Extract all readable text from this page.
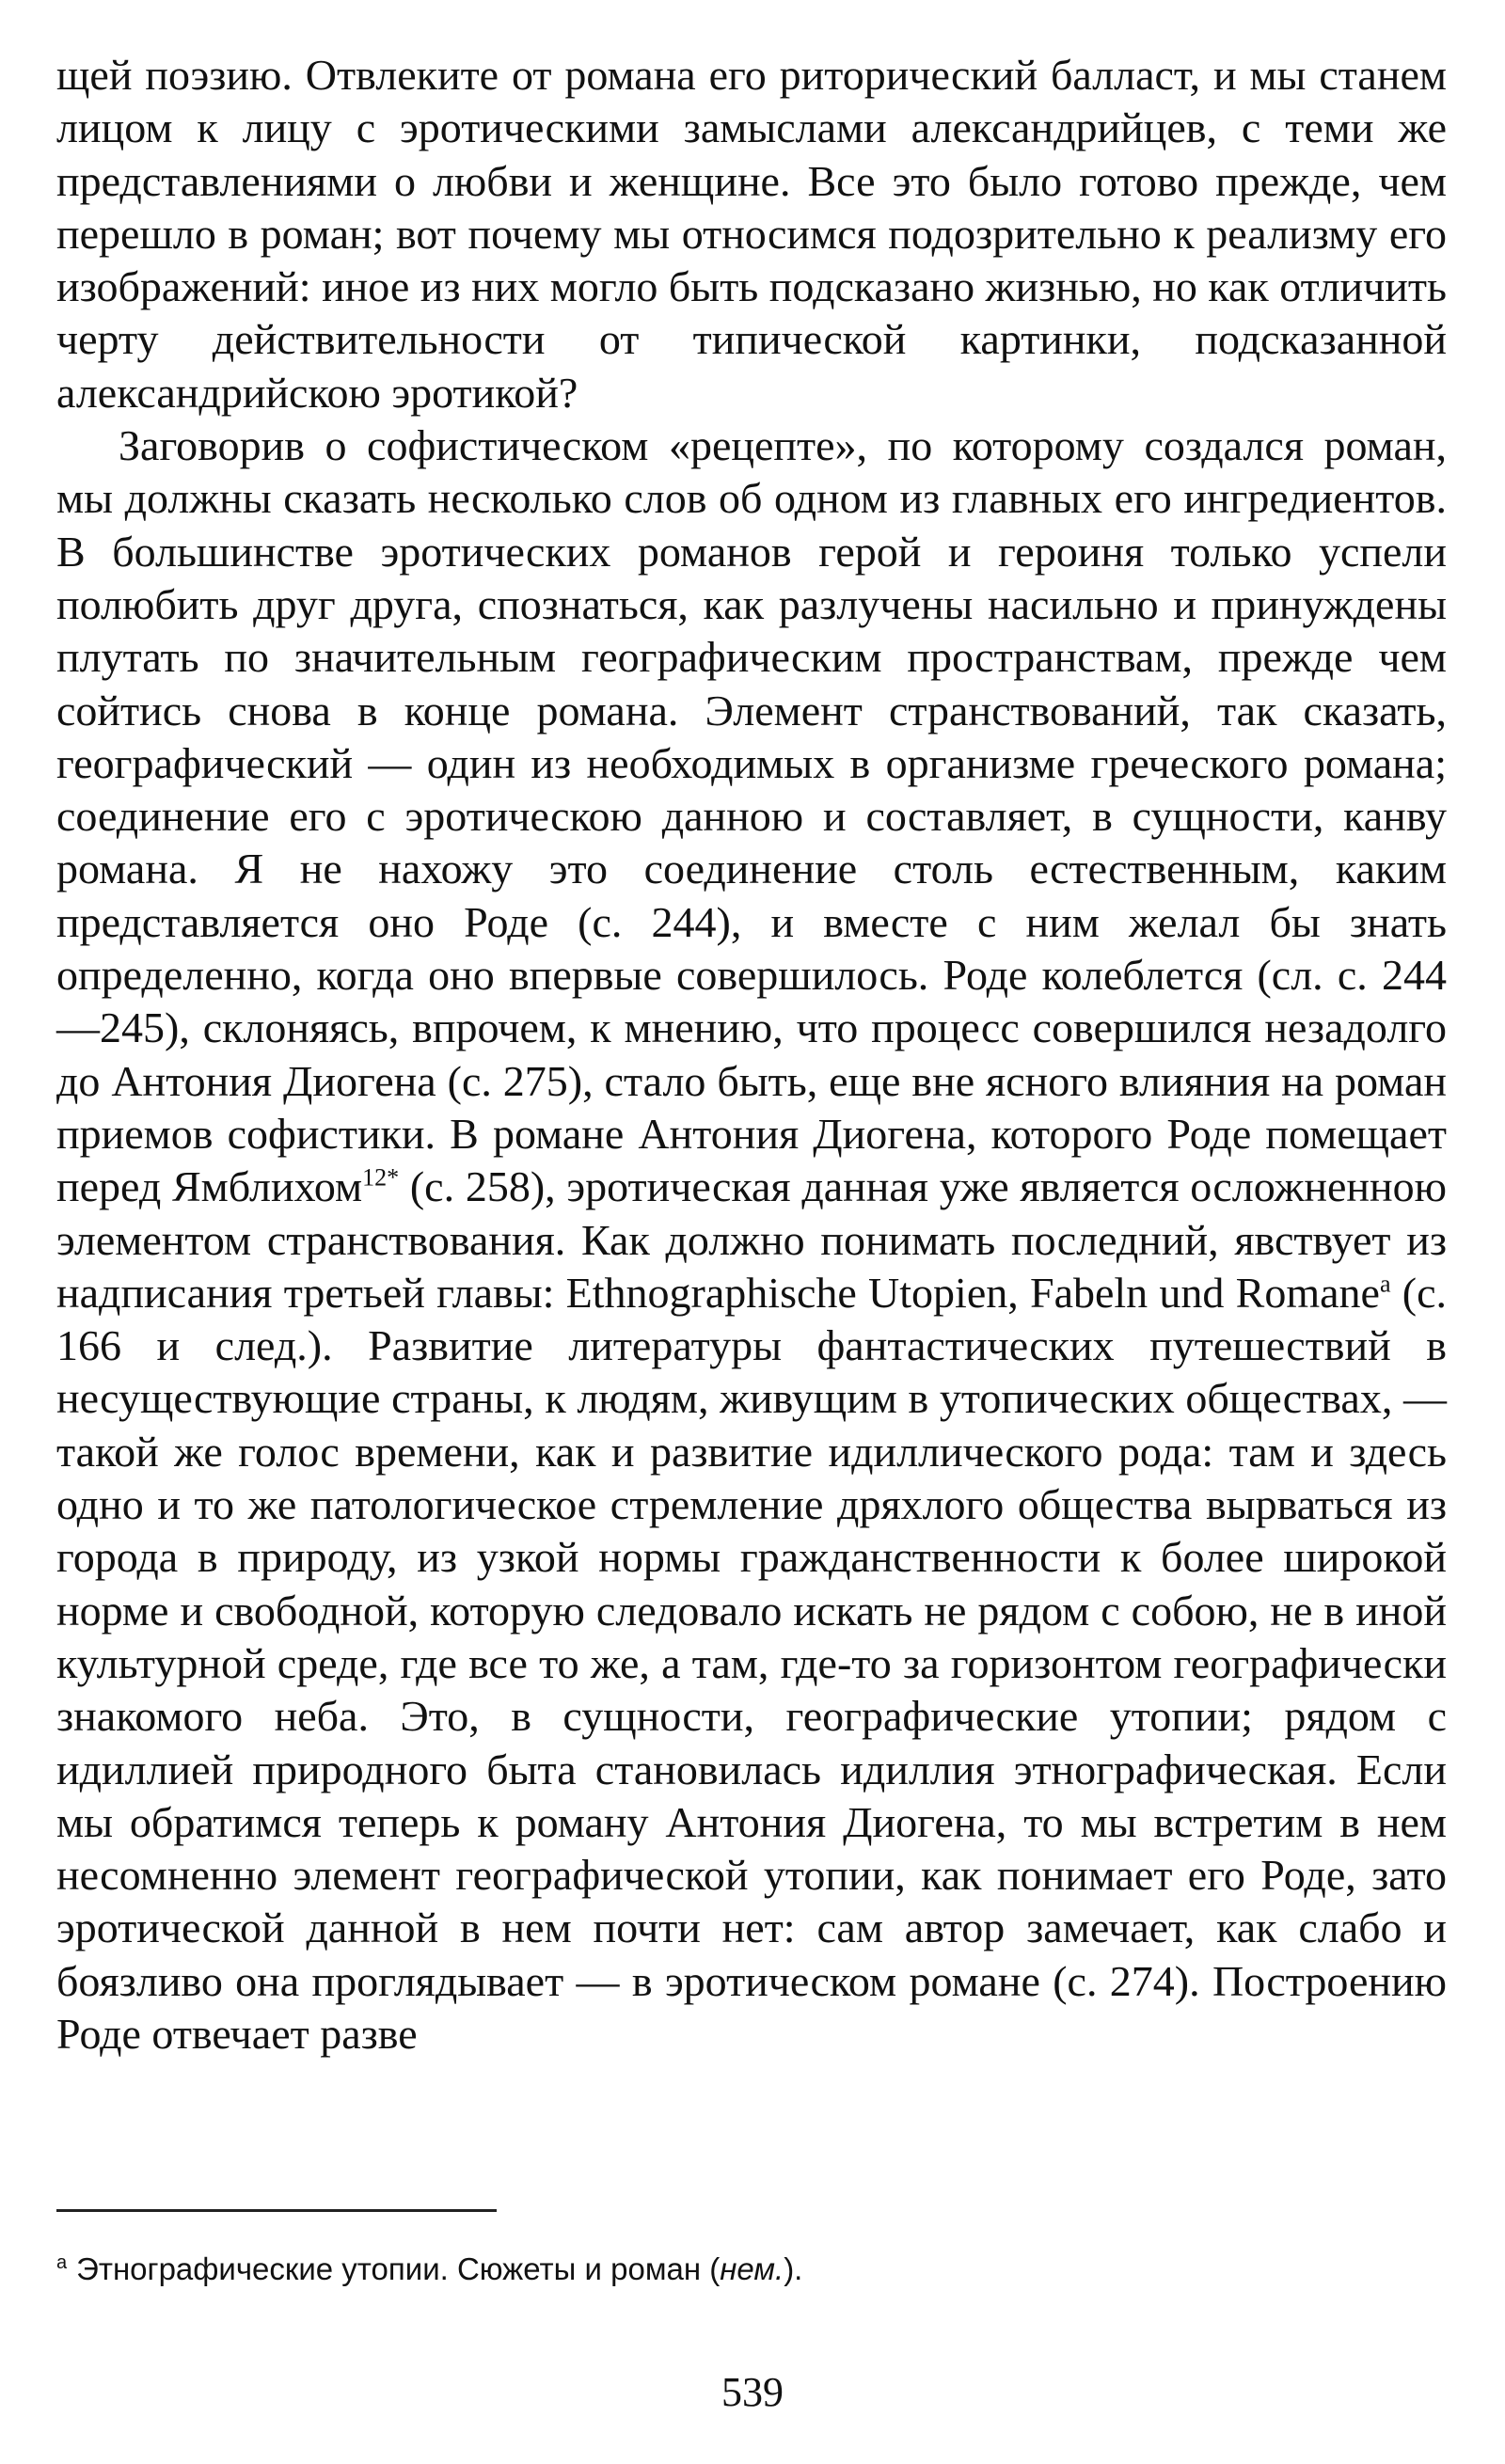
щей поэзию. Отвлеките от романа его риторический балласт, и мы станем лицом к лицу с эротическими замыслами александрийцев, с теми же представлениями о любви и женщине. Все это было готово прежде, чем перешло в роман; вот почему мы относимся подозрительно к реализму его изображений: иное из них могло быть подсказано жизнью, но как отличить черту действительности от типической картинки, подсказанной александрийскою эротикой?

Заговорив о софистическом «рецепте», по которому создался роман, мы должны сказать несколько слов об одном из главных его ингредиентов. В большинстве эротических романов герой и героиня только успели полюбить друг друга, спознаться, как разлучены насильно и принуждены плутать по значительным географическим пространствам, прежде чем сойтись снова в конце романа. Элемент странствований, так сказать, географический — один из необходимых в организме греческого романа; соединение его с эротическою данною и составляет, в сущности, канву романа. Я не нахожу это соединение столь естественным, каким представляется оно Роде (с. 244), и вместе с ним желал бы знать определенно, когда оно впервые совершилось. Роде колеблется (сл. с. 244—245), склоняясь, впрочем, к мнению, что процесс совершился незадолго до Антония Диогена (с. 275), стало быть, еще вне ясного влияния на роман приемов софистики. В романе Антония Диогена, которого Роде помещает перед Ямблихом$^{12*}$ (с. 258), эротическая данная уже является осложненною элементом странствования. Как должно понимать последний, явствует из надписания третьей главы: Ethnographische Utopien, Fabeln und Romane$^a$ (с. 166 и след.). Развитие литературы фантастических путешествий в несуществующие страны, к людям, живущим в утопических обществах, — такой же голос времени, как и развитие идиллического рода: там и здесь одно и то же патологическое стремление дряхлого общества вырваться из города в природу, из узкой нормы гражданственности к более широкой норме и свободной, которую следовало искать не рядом с собою, не в иной культурной среде, где все то же, а там, где-то за горизонтом географически знакомого неба. Это, в сущности, географические утопии; рядом с идиллией природного быта становилась идиллия этнографическая. Если мы обратимся теперь к роману Антония Диогена, то мы встретим в нем несомненно элемент географической утопии, как понимает его Роде, зато эротической данной в нем почти нет: сам автор замечает, как слабо и боязливо она проглядывает — в эротическом романе (с. 274). Построению Роде отвечает разве

$^a$ Этнографические утопии. Сюжеты и роман (нем.).
539
